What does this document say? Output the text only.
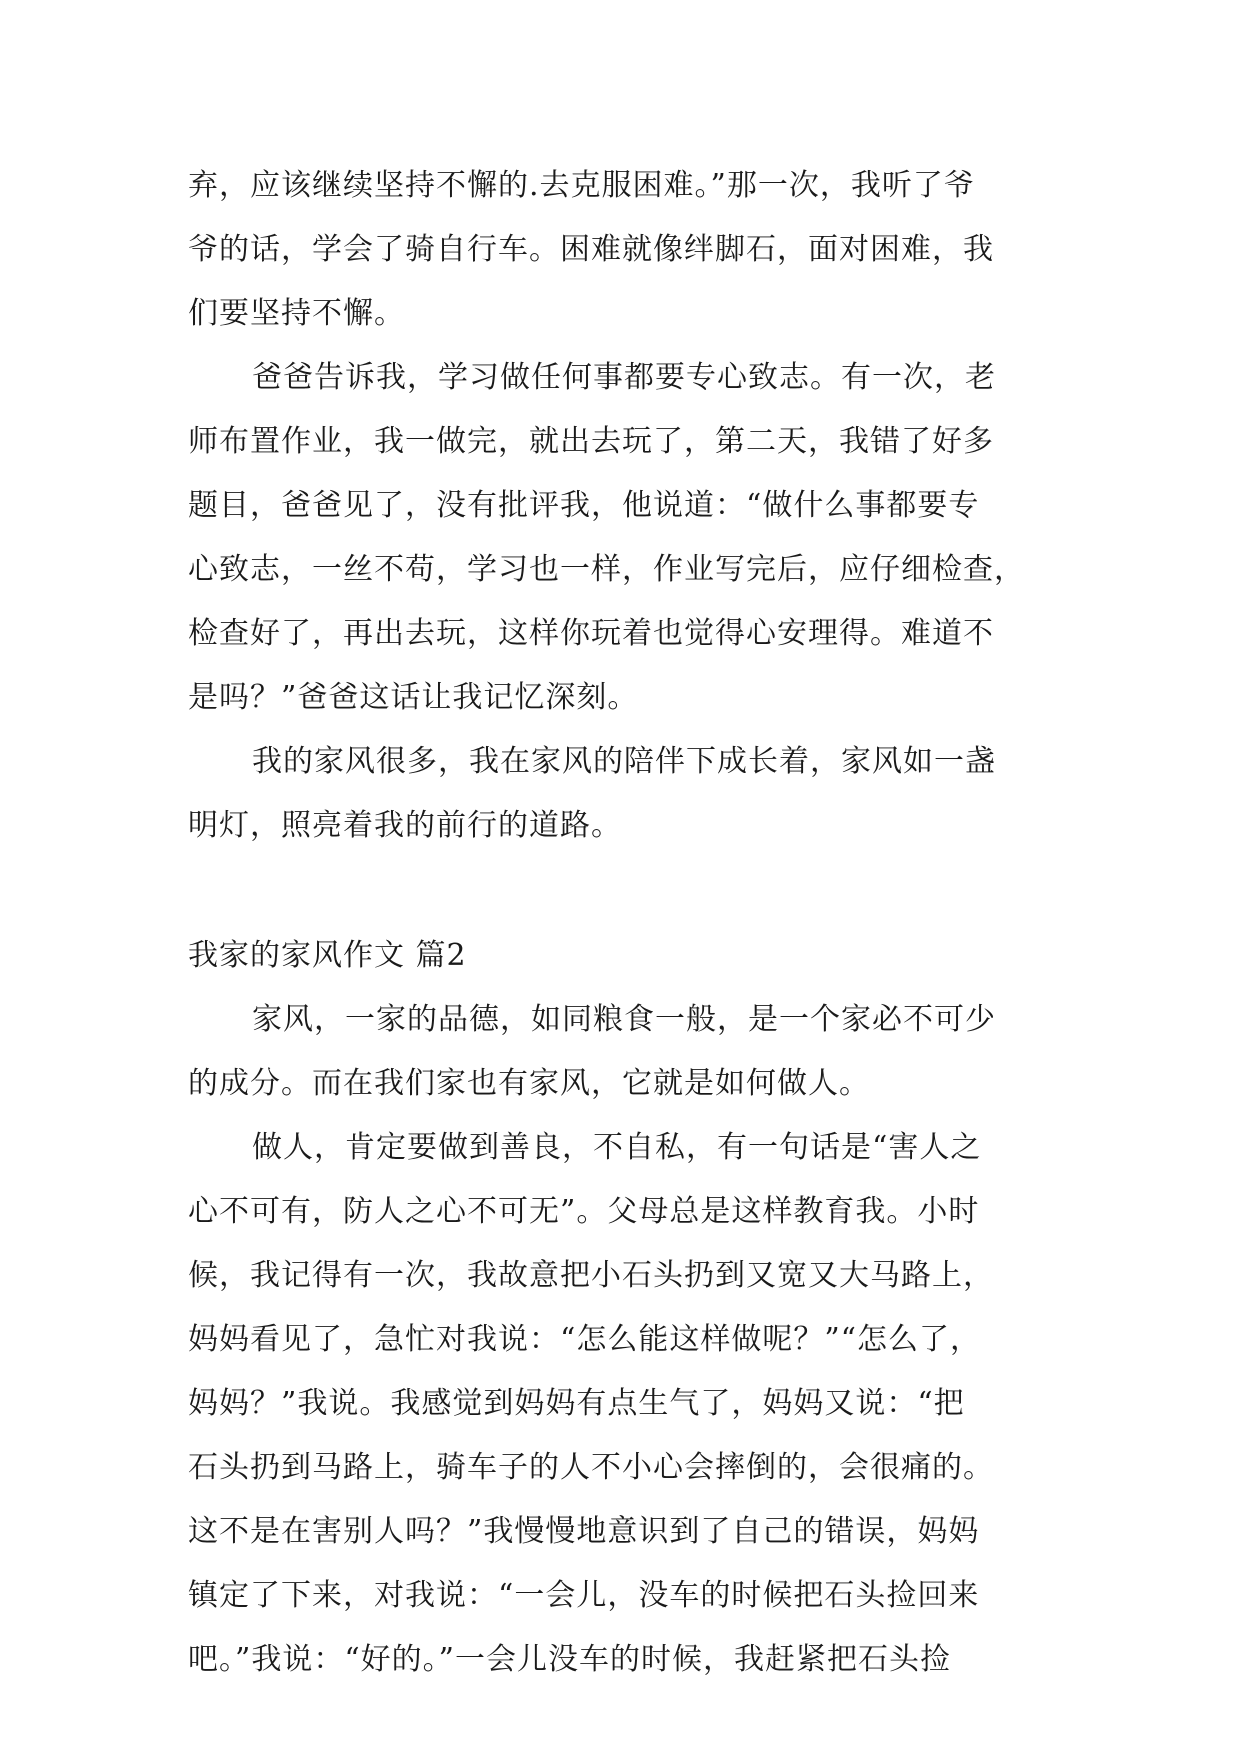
弃，应该继续坚持不懈的.去克服困难。”那一次，我听了爷
爷的话，学会了骑自行车。困难就像绊脚石，面对困难，我
们要坚持不懈。
爸爸告诉我，学习做任何事都要专心致志。有一次，老
师布置作业，我一做完，就出去玩了，第二天，我错了好多
题目，爸爸见了，没有批评我，他说道：“做什么事都要专
心致志，一丝不苟，学习也一样，作业写完后，应仔细检查，
检查好了，再出去玩，这样你玩着也觉得心安理得。难道不
是吗？”爸爸这话让我记忆深刻。
我的家风很多，我在家风的陪伴下成长着，家风如一盏
明灯，照亮着我的前行的道路。
我家的家风作文 篇2
家风，一家的品德，如同粮食一般，是一个家必不可少
的成分。而在我们家也有家风，它就是如何做人。
做人，肯定要做到善良，不自私，有一句话是“害人之
心不可有，防人之心不可无”。父母总是这样教育我。小时
候，我记得有一次，我故意把小石头扔到又宽又大马路上，
妈妈看见了，急忙对我说：“怎么能这样做呢？”“怎么了，
妈妈？”我说。我感觉到妈妈有点生气了，妈妈又说：“把
石头扔到马路上，骑车子的人不小心会摔倒的，会很痛的。
这不是在害别人吗？”我慢慢地意识到了自己的错误，妈妈
镇定了下来，对我说：“一会儿，没车的时候把石头捡回来
吧。”我说：“好的。”一会儿没车的时候，我赶紧把石头捡
